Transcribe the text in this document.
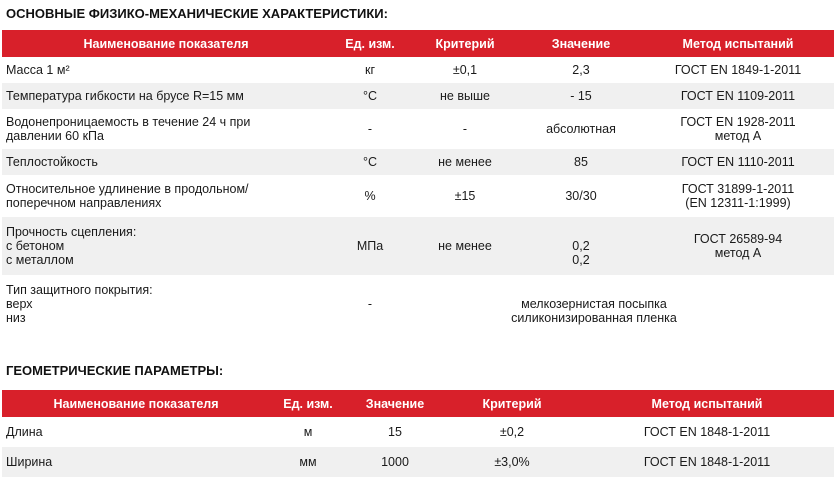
ОСНОВНЫЕ ФИЗИКО-МЕХАНИЧЕСКИЕ ХАРАКТЕРИСТИКИ:
Наименование показателя	Ед. изм.	Критерий	Значение	Метод испытаний
Масса 1 м²	кг	±0,1	2,3	ГОСТ EN 1849-1-2011
Температура гибкости на брусе R=15 мм	°С	не выше	- 15	ГОСТ EN 1109-2011
Водонепроницаемость в течение 24 ч при
давлении 60 кПа	-	-	абсолютная	ГОСТ EN 1928-2011
метод А
Теплостойкость	°С	не менее	85	ГОСТ EN 1110-2011
Относительное удлинение в продольном/
поперечном направлениях	%	±15	30/30	ГОСТ 31899-1-2011
(EN 12311-1:1999)
Прочность сцепления:
с бетоном
с металлом	МПа	не менее	0,2
0,2	ГОСТ 26589-94
метод А
Тип защитного покрытия:
верх
низ	-	мелкозернистая посыпка
силиконизированная пленка		
ГЕОМЕТРИЧЕСКИЕ ПАРАМЕТРЫ:
Наименование показателя	Ед. изм.	Значение	Критерий	Метод испытаний
Длина	м	15	±0,2	ГОСТ EN 1848-1-2011
Ширина	мм	1000	±3,0%	ГОСТ EN 1848-1-2011
